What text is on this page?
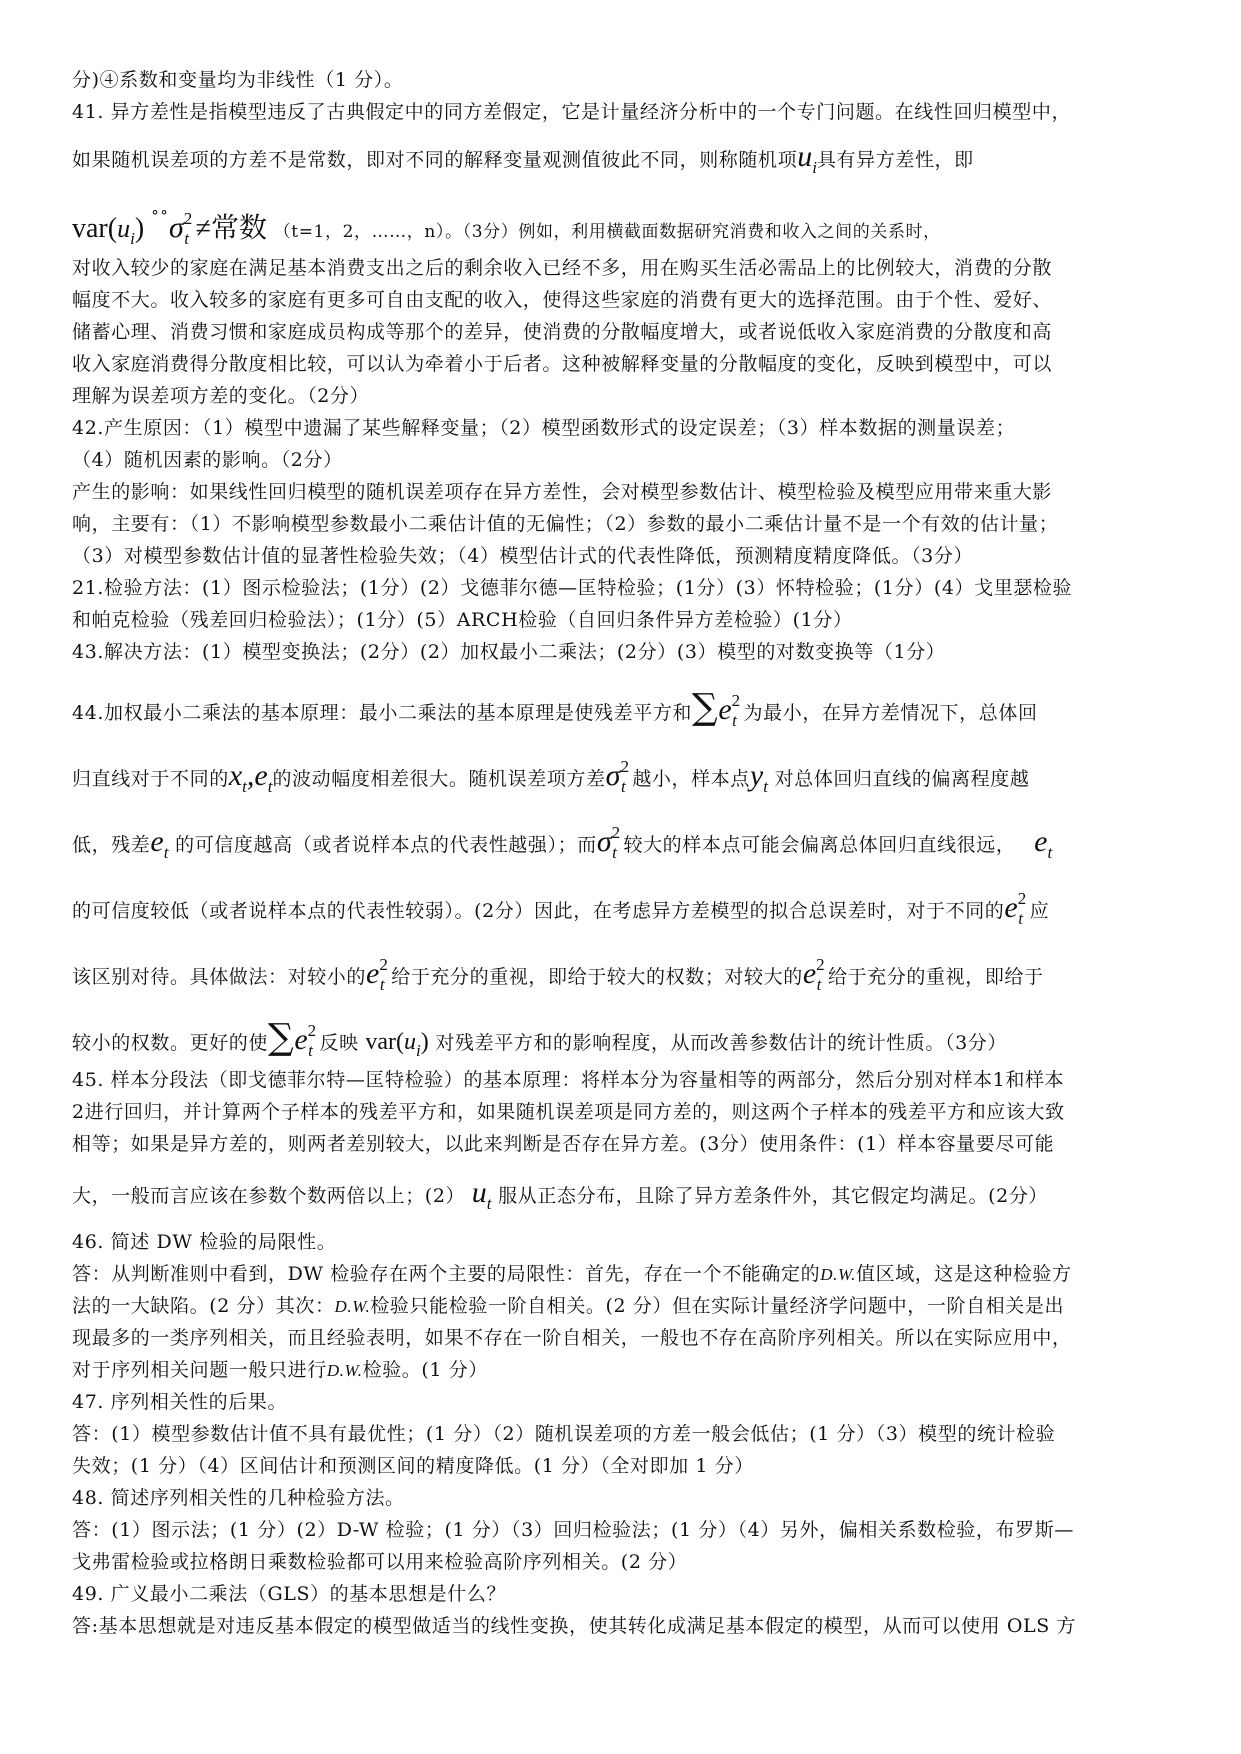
分)④系数和变量均为非线性（1 分）。
41. 异方差性是指模型违反了古典假定中的同方差假定，它是计量经济分析中的一个专门问题。在线性回归模型中，
如果随机误差项的方差不是常数，即对不同的解释变量观测值彼此不同，则称随机项$u_i$具有异方差性，即
$var(u_i)$ $˚˚\sigma^2_t$ ≠常数 （t=1，2，……，n）。（3分）例如，利用横截面数据研究消费和收入之间的关系时，
对收入较少的家庭在满足基本消费支出之后的剩余收入已经不多，用在购买生活必需品上的比例较大，消费的分散
幅度不大。收入较多的家庭有更多可自由支配的收入，使得这些家庭的消费有更大的选择范围。由于个性、爱好、
储蓄心理、消费习惯和家庭成员构成等那个的差异，使消费的分散幅度增大，或者说低收入家庭消费的分散度和高
收入家庭消费得分散度相比较，可以认为牵着小于后者。这种被解释变量的分散幅度的变化，反映到模型中，可以
理解为误差项方差的变化。（2分）
42.产生原因：（1）模型中遗漏了某些解释变量；（2）模型函数形式的设定误差；（3）样本数据的测量误差；
（4）随机因素的影响。（2分）
产生的影响：如果线性回归模型的随机误差项存在异方差性，会对模型参数估计、模型检验及模型应用带来重大影
响，主要有：（1）不影响模型参数最小二乘估计值的无偏性；（2）参数的最小二乘估计量不是一个有效的估计量；
（3）对模型参数估计值的显著性检验失效；（4）模型估计式的代表性降低，预测精度精度降低。（3分）
21.检验方法：(1）图示检验法；(1分）(2）戈德菲尔德—匡特检验；(1分）(3）怀特检验；(1分）(4）戈里瑟检验
和帕克检验（残差回归检验法）；(1分）(5）ARCH检验（自回归条件异方差检验）(1分）
43.解决方法：(1）模型变换法；(2分）(2）加权最小二乘法；(2分）(3）模型的对数变换等（1分）
44.加权最小二乘法的基本原理：最小二乘法的基本原理是使残差平方和$\sum e^2_t$ 为最小，在异方差情况下，总体回
归直线对于不同的$x_t,e_t$的波动幅度相差很大。随机误差项方差$\sigma^2_t$ 越小，样本点$y_t$ 对总体回归直线的偏离程度越
低，残差$e_t$ 的可信度越高（或者说样本点的代表性越强）；而$\sigma^2_t$ 较大的样本点可能会偏离总体回归直线很远， $e_t$
的可信度较低（或者说样本点的代表性较弱）。(2分）因此，在考虑异方差模型的拟合总误差时，对于不同的$e^2_t$ 应
该区别对待。具体做法：对较小的$e^2_t$ 给于充分的重视，即给于较大的权数；对较大的$e^2_t$ 给于充分的重视，即给于
较小的权数。更好的使$\sum e^2_t$ 反映 $var(u_i)$ 对残差平方和的影响程度，从而改善参数估计的统计性质。（3分）
45. 样本分段法（即戈德菲尔特—匡特检验）的基本原理：将样本分为容量相等的两部分，然后分别对样本1和样本
2进行回归，并计算两个子样本的残差平方和，如果随机误差项是同方差的，则这两个子样本的残差平方和应该大致
相等；如果是异方差的，则两者差别较大，以此来判断是否存在异方差。(3分）使用条件：(1）样本容量要尽可能
大，一般而言应该在参数个数两倍以上；(2） $u_t$ 服从正态分布，且除了异方差条件外，其它假定均满足。(2分）
46. 简述 DW 检验的局限性。
答：从判断准则中看到，DW 检验存在两个主要的局限性：首先，存在一个不能确定的D.W.值区域，这是这种检验方
法的一大缺陷。(2 分）其次：D.W.检验只能检验一阶自相关。(2 分）但在实际计量经济学问题中，一阶自相关是出
现最多的一类序列相关，而且经验表明，如果不存在一阶自相关，一般也不存在高阶序列相关。所以在实际应用中，
对于序列相关问题一般只进行D.W.检验。(1 分）
47. 序列相关性的后果。
答：(1）模型参数估计值不具有最优性；(1 分）（2）随机误差项的方差一般会低估；(1 分）（3）模型的统计检验
失效；(1 分）（4）区间估计和预测区间的精度降低。(1 分）（全对即加 1 分）
48. 简述序列相关性的几种检验方法。
答：(1）图示法；(1 分）(2）D-W 检验；(1 分）（3）回归检验法；(1 分）（4）另外，偏相关系数检验，布罗斯—
戈弗雷检验或拉格朗日乘数检验都可以用来检验高阶序列相关。(2 分）
49. 广义最小二乘法（GLS）的基本思想是什么？
答:基本思想就是对违反基本假定的模型做适当的线性变换，使其转化成满足基本假定的模型，从而可以使用 OLS 方
